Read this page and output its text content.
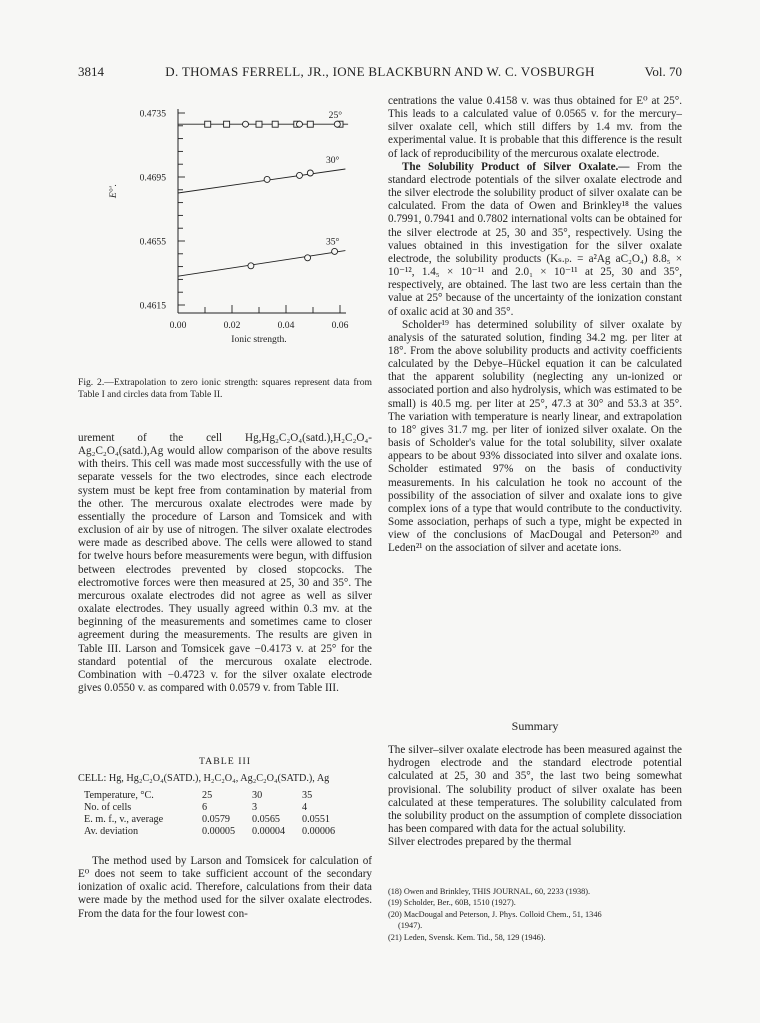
3814	D. THOMAS FERRELL, JR., IONE BLACKBURN AND W. C. VOSBURGH	Vol. 70
0.4735
0.4695
0.4655
0.4615
0.00	0.02	0.04	0.06
Ionic strength.
E°'.
25°
30°
35°
Fig. 2.—Extrapolation to zero ionic strength: squares represent data from Table I and circles data from Table II.

urement of the cell Hg,Hg₂C₂O₄(satd.),H₂C₂O₄-Ag₂C₂O₄(satd.),Ag would allow comparison of the above results with theirs. This cell was made most successfully with the use of separate vessels for the two electrodes, since each electrode system must be kept free from contamination by material from the other. The mercurous oxalate electrodes were made by essentially the procedure of Larson and Tomsicek and with exclusion of air by use of nitrogen. The silver oxalate electrodes were made as described above. The cells were allowed to stand for twelve hours before measurements were begun, with diffusion between electrodes prevented by closed stopcocks. The electromotive forces were then measured at 25, 30 and 35°. The mercurous oxalate electrodes did not agree as well as silver oxalate electrodes. They usually agreed within 0.3 mv. at the beginning of the measurements and sometimes came to closer agreement during the measurements. The results are given in Table III. Larson and Tomsicek gave −0.4173 v. at 25° for the standard potential of the mercurous oxalate electrode. Combination with −0.4723 v. for the silver oxalate electrode gives 0.0550 v. as compared with 0.0579 v. from Table III.

TABLE III
CELL: Hg, Hg₂C₂O₄(SATD.), H₂C₂O₄, Ag₂C₂O₄(SATD.), Ag
Temperature, °C.	25	30	35
No. of cells	6	3	4
E. m. f., v., average	0.0579	0.0565	0.0551
Av. deviation	0.00005	0.00004	0.00006

The method used by Larson and Tomsicek for calculation of E⁰ does not seem to take sufficient account of the secondary ionization of oxalic acid. Therefore, calculations from their data were made by the method used for the silver oxalate electrodes. From the data for the four lowest con-

centrations the value 0.4158 v. was thus obtained for E⁰ at 25°. This leads to a calculated value of 0.0565 v. for the mercury–silver oxalate cell, which still differs by 1.4 mv. from the experimental value. It is probable that this difference is the result of lack of reproducibility of the mercurous oxalate electrode.

The Solubility Product of Silver Oxalate.— From the standard electrode potentials of the silver oxalate electrode and the silver electrode the solubility product of silver oxalate can be calculated. From the data of Owen and Brinkley¹⁸ the values 0.7991, 0.7941 and 0.7802 international volts can be obtained for the silver electrode at 25, 30 and 35°, respectively. Using the values obtained in this investigation for the silver oxalate electrode, the solubility products (Kₛ.ₚ. = a²Ag aC₂O₄) 8.8₅ × 10⁻¹², 1.4₅ × 10⁻¹¹ and 2.0₁ × 10⁻¹¹ at 25, 30 and 35°, respectively, are obtained. The last two are less certain than the value at 25° because of the uncertainty of the ionization constant of oxalic acid at 30 and 35°.

Scholder¹⁹ has determined solubility of silver oxalate by analysis of the saturated solution, finding 34.2 mg. per liter at 18°. From the above solubility products and activity coefficients calculated by the Debye–Hückel equation it can be calculated that the apparent solubility (neglecting any un-ionized or associated portion and also hydrolysis, which was estimated to be small) is 40.5 mg. per liter at 25°, 47.3 at 30° and 53.3 at 35°. The variation with temperature is nearly linear, and extrapolation to 18° gives 31.7 mg. per liter of ionized silver oxalate. On the basis of Scholder's value for the total solubility, silver oxalate appears to be about 93% dissociated into silver and oxalate ions. Scholder estimated 97% on the basis of conductivity measurements. In his calculation he took no account of the possibility of the association of silver and oxalate ions to give complex ions of a type that would contribute to the conductivity. Some association, perhaps of such a type, might be expected in view of the conclusions of MacDougal and Peterson²⁰ and Leden²¹ on the association of silver and acetate ions.

Summary

The silver–silver oxalate electrode has been measured against the hydrogen electrode and the standard electrode potential calculated at 25, 30 and 35°, the last two being somewhat provisional. The solubility product of silver oxalate has been calculated at these temperatures. The solubility calculated from the solubility product on the assumption of complete dissociation has been compared with data for the actual solubility.

Silver electrodes prepared by the thermal

(18) Owen and Brinkley, THIS JOURNAL, 60, 2233 (1938).
(19) Scholder, Ber., 60B, 1510 (1927).
(20) MacDougal and Peterson, J. Phys. Colloid Chem., 51, 1346
(1947).
(21) Leden, Svensk. Kem. Tid., 58, 129 (1946).
